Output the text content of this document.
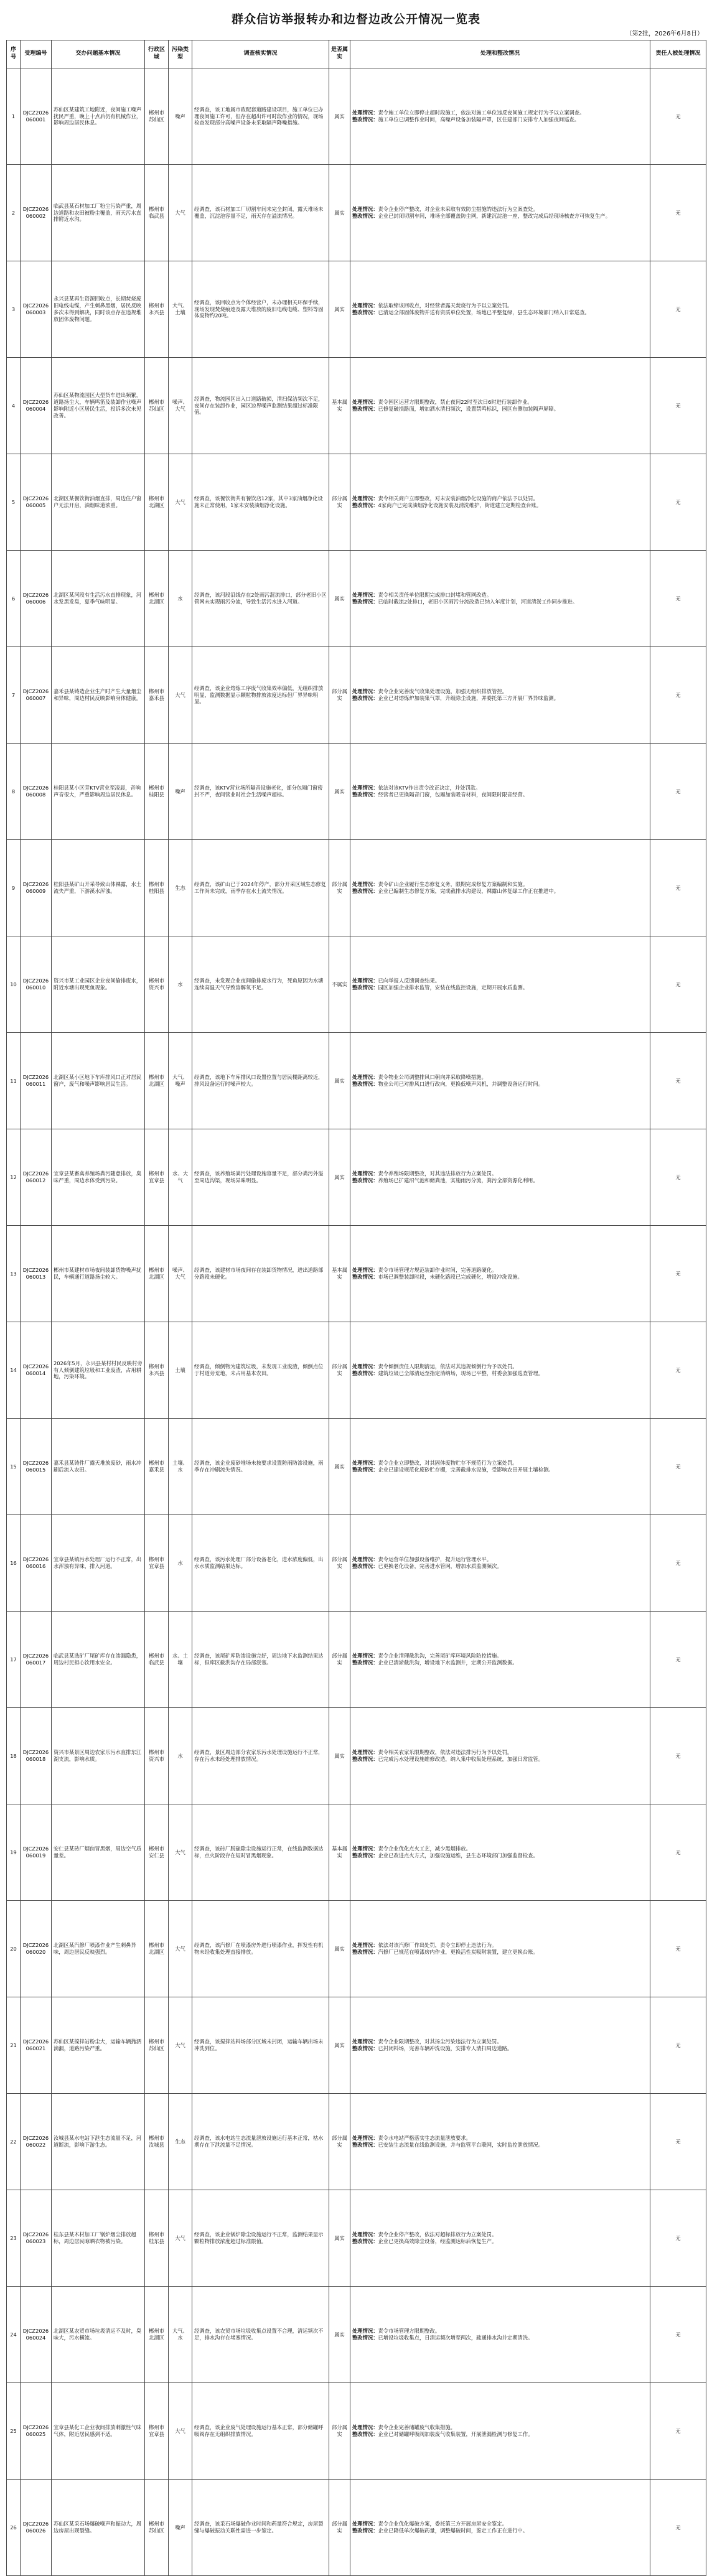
群众信访举报转办和边督边改公开情况一览表
（第2批，2026年6月8日）
序号	受理编号	交办问题基本情况	行政区域	污染类型	调查核实情况	是否属实	处理和整改情况	责任人被处理情况
1	DJCZ2026060001	苏仙区某建筑工地附近，夜间施工噪声扰民严重，晚上十点后仍有机械作业，影响周边居民休息。	郴州市苏仙区	噪声	经调查，该工地属市政配套道路建设项目，施工单位已办理夜间施工许可，但存在超出许可时段作业的情况，现场检查发现部分高噪声设备未采取隔声降噪措施。	属实	处理情况：责令施工单位立即停止超时段施工，依法对施工单位违反夜间施工规定行为予以立案调查。
整改情况：施工单位已调整作业时间，高噪声设备加装隔声罩，区住建部门安排专人加强夜间巡查。	无
2	DJCZ2026060002	临武县某石材加工厂粉尘污染严重，周边道路和农田被粉尘覆盖，雨天污水直排附近水沟。	郴州市临武县	大气	经调查，该石材加工厂切割车间未完全封闭，露天堆场未覆盖，沉淀池容量不足，雨天存在溢流情况。	属实	处理情况：责令企业停产整改，对企业未采取有效防尘措施的违法行为立案查处。
整改情况：企业已封闭切割车间，堆场全部覆盖防尘网，新建沉淀池一座，整改完成后经现场核查方可恢复生产。	无
3	DJCZ2026060003	永兴县某再生资源回收点，长期焚烧废旧电线电缆，产生刺鼻黑烟，居民反映多次未得到解决，同时该点存在违规堆放固体废物问题。	郴州市永兴县	大气、土壤	经调查，该回收点为个体经营户，未办理相关环保手续，现场发现焚烧痕迹及露天堆放的废旧电线电缆、塑料等固体废物约20吨。	属实	处理情况：依法取缔该回收点，对经营者露天焚烧行为予以立案处罚。
整改情况：已清运全部固体废物并送有资质单位处置，场地已平整复绿，县生态环境部门纳入日常巡查。	无
4	DJCZ2026060004	苏仙区某物流园区大型货车进出频繁，道路扬尘大，车辆鸣笛及装卸作业噪声影响附近小区居民生活，投诉多次未见改善。	郴州市苏仙区	噪声、大气	经调查，物流园区出入口道路破损，清扫保洁频次不足，夜间存在装卸作业，园区边界噪声监测结果超过标准限值。	基本属实	处理情况：责令园区运营方限期整改，禁止夜间22时至次日6时进行装卸作业。
整改情况：已修复破损路面，增加洒水清扫频次，设置禁鸣标识，园区东侧加装隔声屏障。	无
5	DJCZ2026060005	北湖区某餐饮街油烟直排，周边住户窗户无法开启，油烟味道浓重。	郴州市北湖区	大气	经调查，该餐饮街共有餐饮店12家，其中3家油烟净化设施未正常使用，1家未安装油烟净化设施。	部分属实	处理情况：责令相关商户立即整改，对未安装油烟净化设施的商户依法予以处罚。
整改情况：4家商户已完成油烟净化设施安装及清洗维护，街道建立定期检查台账。	无
6	DJCZ2026060006	北湖区某河段有生活污水直排现象，河水发黑发臭，夏季气味明显。	郴州市北湖区	水	经调查，该河段沿线存在2处雨污混流排口，部分老旧小区管网未实现雨污分流，导致生活污水进入河道。	属实	处理情况：责令相关责任单位限期完成排口封堵和管网改造。
整改情况：已临时截流2处排口，老旧小区雨污分流改造已纳入年度计划，河道清淤工作同步推进。	无
7	DJCZ2026060007	嘉禾县某铸造企业生产时产生大量烟尘和异味，周边村民反映影响身体健康。	郴州市嘉禾县	大气	经调查，该企业熔炼工序废气收集效率偏低，无组织排放明显，监测数据显示颗粒物排放浓度达标但厂界异味明显。	部分属实	处理情况：责令企业完善废气收集处理设施，加强无组织排放管控。
整改情况：企业已对熔炼炉加装集气罩，升级除尘设施，并委托第三方开展厂界异味监测。	无
8	DJCZ2026060008	桂阳县某小区旁KTV营业至凌晨，音响声音很大，严重影响周边居民休息。	郴州市桂阳县	噪声	经调查，该KTV营业场所隔音设施老化，部分包厢门窗密封不严，夜间营业时社会生活噪声超标。	属实	处理情况：依法对该KTV作出责令改正决定，并处罚款。
整改情况：经营者已更换隔音门窗，包厢加装吸音材料，夜间限时限音经营。	无
9	DJCZ2026060009	桂阳县某矿山开采导致山体裸露，水土流失严重，下游溪水浑浊。	郴州市桂阳县	生态	经调查，该矿山已于2024年停产，部分开采区域生态修复工作尚未完成，雨季存在水土流失情况。	部分属实	处理情况：责令矿山企业履行生态修复义务，限期完成修复方案编制和实施。
整改情况：企业已编制生态修复方案，完成截排水沟建设，裸露山体复绿工作正在推进中。	无
10	DJCZ2026060010	资兴市某工业园区企业夜间偷排废水，附近水塘出现死鱼现象。	郴州市资兴市	水	经调查，未发现企业夜间偷排废水行为，死鱼原因为水塘连续高温天气导致溶解氧不足。	不属实	处理情况：已向举报人反馈调查结果。
整改情况：园区加强企业排水监管，安装在线监控设施，定期开展水质监测。	无
11	DJCZ2026060011	北湖区某小区地下车库排风口正对居民窗户，废气和噪声影响居民生活。	郴州市北湖区	大气、噪声	经调查，该地下车库排风口设置位置与居民楼距离较近，排风设备运行时噪声较大。	属实	处理情况：责令物业公司调整排风口朝向并采取降噪措施。
整改情况：物业公司已对排风口进行改向，更换低噪声风机，并调整设备运行时间。	无
12	DJCZ2026060012	宜章县某畜禽养殖场粪污随意排放，臭味严重，周边水体受到污染。	郴州市宜章县	水、大气	经调查，该养殖场粪污处理设施容量不足，部分粪污外溢至周边沟渠，现场异味明显。	属实	处理情况：责令养殖场限期整改，对其违法排放行为立案处罚。
整改情况：养殖场已扩建沼气池和储粪池，实施雨污分流，粪污全部资源化利用。	无
13	DJCZ2026060013	郴州市某建材市场夜间装卸货物噪声扰民，车辆通行道路扬尘较大。	郴州市北湖区	噪声、大气	经调查，该建材市场夜间存在装卸货物情况，进出道路部分路段未硬化。	基本属实	处理情况：责令市场管理方规范装卸作业时间，完善道路硬化。
整改情况：市场已调整装卸时段，未硬化路段已完成硬化，增设冲洗设施。	无
14	DJCZ2026060014	2026年5月，永兴县某村村民反映村旁有人倾倒建筑垃圾和工业废渣，占用耕地，污染环境。	郴州市永兴县	土壤	经调查，倾倒物为建筑垃圾，未发现工业废渣，倾倒点位于村道旁荒地，未占用基本农田。	部分属实	处理情况：责令倾倒责任人限期清运，依法对其违规倾倒行为予以处罚。
整改情况：建筑垃圾已全部清运至指定消纳场，现场已平整，村委会加强巡查管理。	无
15	DJCZ2026060015	嘉禾县某铸件厂露天堆放废砂，雨水冲刷后流入农田。	郴州市嘉禾县	土壤、水	经调查，该企业废砂堆场未按要求设置防雨防渗设施，雨季存在冲刷流失情况。	属实	处理情况：责令企业立即整改，对其固体废物贮存不规范行为立案处罚。
整改情况：企业已建设规范化废砂贮存棚，完善截排水设施，受影响农田开展土壤检测。	无
16	DJCZ2026060016	宜章县某镇污水处理厂运行不正常，出水浑浊有异味，排入河道。	郴州市宜章县	水	经调查，该污水处理厂部分设备老化，进水浓度偏低，出水水质监测结果达标。	部分属实	处理情况：责令运营单位加强设备维护，提升运行管理水平。
整改情况：已更换老化设备，完善进水管网，增加水质监测频次。	无
17	DJCZ2026060017	临武县某选矿厂尾矿库存在渗漏隐患，周边村民担心饮用水安全。	郴州市临武县	水、土壤	经调查，该尾矿库防渗设施完好，周边地下水监测结果达标，但库区截洪沟存在局部淤塞。	部分属实	处理情况：责令企业清理截洪沟，完善尾矿库环境风险防控措施。
整改情况：企业已清淤截洪沟，增设地下水监测井，定期公开监测数据。	无
18	DJCZ2026060018	资兴市某景区周边农家乐污水直排东江湖支流，影响水质。	郴州市资兴市	水	经调查，景区周边部分农家乐污水处理设施运行不正常，存在污水未经处理排放情况。	属实	处理情况：责令相关农家乐限期整改，依法对违法排污行为予以处罚。
整改情况：已完成污水处理设施维修改造，纳入集中收集处理系统，加强日常监管。	无
19	DJCZ2026060019	安仁县某砖厂烟囱冒黑烟，周边空气质量差。	郴州市安仁县	大气	经调查，该砖厂脱硫除尘设施运行正常，在线监测数据达标，点火阶段存在短时冒黑烟现象。	基本属实	处理情况：责令企业优化点火工艺，减少黑烟排放。
整改情况：企业已改进点火方式，加强设施运维，县生态环境部门加强监督检查。	无
20	DJCZ2026060020	北湖区某汽修厂喷漆作业产生刺鼻异味，周边居民反映强烈。	郴州市北湖区	大气	经调查，该汽修厂在喷漆房外进行喷漆作业，挥发性有机物未经收集处理直接排放。	属实	处理情况：依法对该汽修厂作出处罚，责令立即停止违法行为。
整改情况：汽修厂已规范在喷漆房内作业，更换活性炭吸附装置，建立更换台账。	无
21	DJCZ2026060021	苏仙区某搅拌站粉尘大，运输车辆抛洒滴漏，道路污染严重。	郴州市苏仙区	大气	经调查，该搅拌站料场部分区域未封闭，运输车辆出场未冲洗到位。	属实	处理情况：责令企业限期整改，对其扬尘污染违法行为立案处罚。
整改情况：已封闭料场，完善车辆冲洗设施，安排专人清扫周边道路。	无
22	DJCZ2026060022	汝城县某水电站下泄生态流量不足，河道断流，影响下游生态。	郴州市汝城县	生态	经调查，该水电站生态流量泄放设施运行基本正常，枯水期存在下泄流量不足情况。	部分属实	处理情况：责令水电站严格落实生态流量泄放要求。
整改情况：已安装生态流量在线监测设施，并与监管平台联网，实时监控泄放情况。	无
23	DJCZ2026060023	桂东县某木材加工厂锅炉烟尘排放超标，周边居民晾晒衣物被污染。	郴州市桂东县	大气	经调查，该企业锅炉除尘设施运行不正常，监测结果显示颗粒物排放浓度超过标准限值。	属实	处理情况：责令企业停产整改，依法对超标排放行为立案处罚。
整改情况：企业已更换高效除尘设备，经监测达标后恢复生产。	无
24	DJCZ2026060024	北湖区某农贸市场垃圾清运不及时，臭味大，污水横流。	郴州市北湖区	大气、水	经调查，该农贸市场垃圾收集点设置不合理，清运频次不足，排水沟存在堵塞情况。	属实	处理情况：责令市场管理方限期整改。
整改情况：已增设垃圾收集点，日清运频次增至两次，疏通排水沟并定期清洗。	无
25	DJCZ2026060025	宜章县某化工企业夜间排放刺激性气味气体，附近居民感到不适。	郴州市宜章县	大气	经调查，该企业废气处理设施运行基本正常，部分储罐呼吸阀存在无组织排放情况。	部分属实	处理情况：责令企业完善储罐废气收集措施。
整改情况：企业已对储罐呼吸阀加装废气收集装置，开展泄漏检测与修复工作。	无
26	DJCZ2026060026	苏仙区某采石场爆破噪声和振动大，周边房屋出现裂缝。	郴州市苏仙区	噪声	经调查，该采石场爆破作业时间和药量符合规定，房屋裂缝与爆破振动关联性需进一步鉴定。	部分属实	处理情况：责令企业优化爆破方案，委托第三方开展房屋安全鉴定。
整改情况：企业已降低单次爆破药量，调整爆破时间，鉴定工作正在进行中。	无
